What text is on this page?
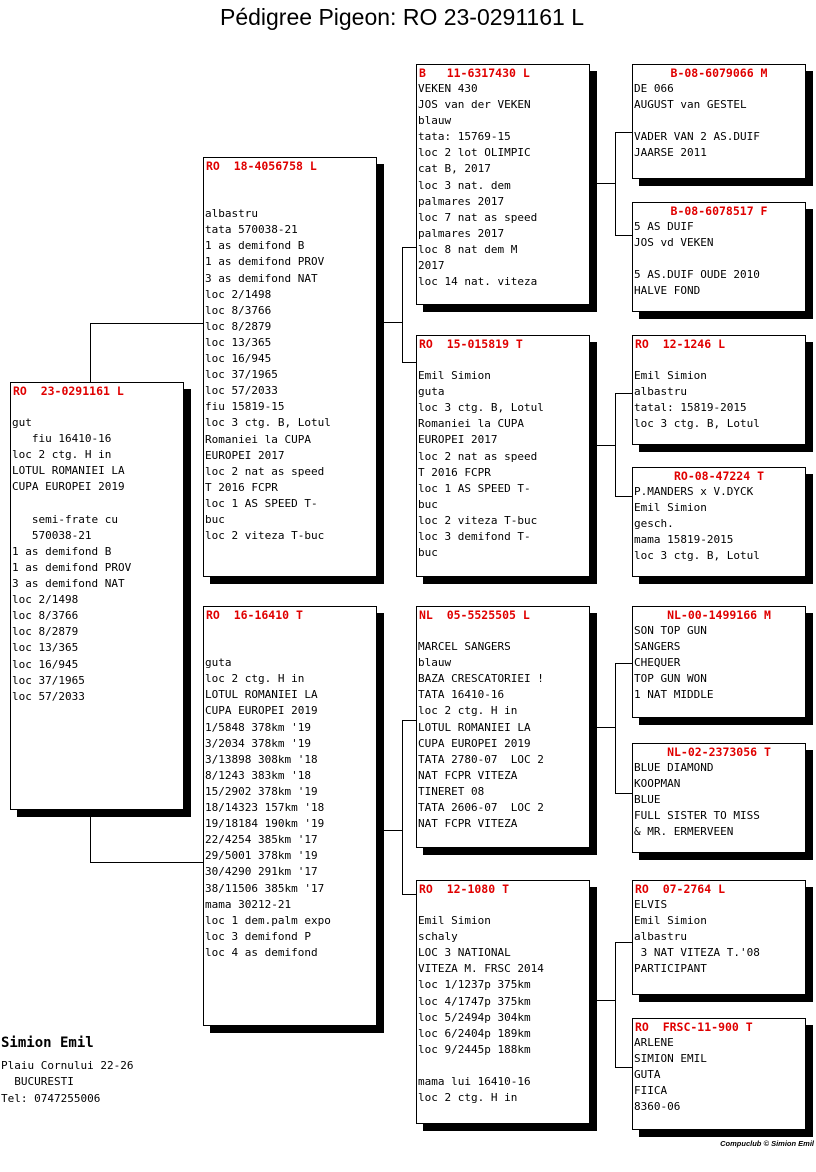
Pédigree Pigeon: RO 23-0291161 L
RO  23-0291161 L

gut
fiu 16410-16
loc 2 ctg. H in
LOTUL ROMANIEI LA
CUPA EUROPEI 2019

semi-frate cu
570038-21
1 as demifond B
1 as demifond PROV
3 as demifond NAT
loc 2/1498
loc 8/3766
loc 8/2879
loc 13/365
loc 16/945
loc 37/1965
loc 57/2033
RO  18-4056758 L

albastru
tata 570038-21
1 as demifond B
1 as demifond PROV
3 as demifond NAT
loc 2/1498
loc 8/3766
loc 8/2879
loc 13/365
loc 16/945
loc 37/1965
loc 57/2033
fiu 15819-15
loc 3 ctg. B, Lotul
Romaniei la CUPA
EUROPEI 2017
loc 2 nat as speed
T 2016 FCPR
loc 1 AS SPEED T-
buc
loc 2 viteza T-buc
RO  16-16410 T

guta
loc 2 ctg. H in
LOTUL ROMANIEI LA
CUPA EUROPEI 2019
1/5848 378km '19
3/2034 378km '19
3/13898 308km '18
8/1243 383km '18
15/2902 378km '19
18/14323 157km '18
19/18184 190km '19
22/4254 385km '17
29/5001 378km '19
30/4290 291km '17
38/11506 385km '17
mama 30212-21
loc 1 dem.palm expo
loc 3 demifond P
loc 4 as demifond
B   11-6317430 L
VEKEN 430
JOS van der VEKEN
blauw
tata: 15769-15
loc 2 lot OLIMPIC
cat B, 2017
loc 3 nat. dem
palmares 2017
loc 7 nat as speed
palmares 2017
loc 8 nat dem M
2017
loc 14 nat. viteza
RO  15-015819 T

Emil Simion
guta
loc 3 ctg. B, Lotul
Romaniei la CUPA
EUROPEI 2017
loc 2 nat as speed
T 2016 FCPR
loc 1 AS SPEED T-
buc
loc 2 viteza T-buc
loc 3 demifond T-
buc
NL  05-5525505 L

MARCEL SANGERS
blauw
BAZA CRESCATORIEI !
TATA 16410-16
loc 2 ctg. H in
LOTUL ROMANIEI LA
CUPA EUROPEI 2019
TATA 2780-07  LOC 2
NAT FCPR VITEZA
TINERET 08
TATA 2606-07  LOC 2
NAT FCPR VITEZA
RO  12-1080 T

Emil Simion
schaly
LOC 3 NATIONAL
VITEZA M. FRSC 2014
loc 1/1237p 375km
loc 4/1747p 375km
loc 5/2494p 304km
loc 6/2404p 189km
loc 9/2445p 188km

mama lui 16410-16
loc 2 ctg. H in
B-08-6079066 M
DE 066
AUGUST van GESTEL

VADER VAN 2 AS.DUIF
JAARSE 2011
B-08-6078517 F
5 AS DUIF
JOS vd VEKEN

5 AS.DUIF OUDE 2010
HALVE FOND
RO  12-1246 L

Emil Simion
albastru
tatal: 15819-2015
loc 3 ctg. B, Lotul
RO-08-47224 T
P.MANDERS x V.DYCK
Emil Simion
gesch.
mama 15819-2015
loc 3 ctg. B, Lotul
NL-00-1499166 M
SON TOP GUN
SANGERS
CHEQUER
TOP GUN WON
1 NAT MIDDLE
NL-02-2373056 T
BLUE DIAMOND
KOOPMAN
BLUE
FULL SISTER TO MISS
& MR. ERMERVEEN
RO  07-2764 L
ELVIS
Emil Simion
albastru
3 NAT VITEZA T.'08
PARTICIPANT
RO  FRSC-11-900 T
ARLENE
SIMION EMIL
GUTA
FIICA
8360-06
Simion Emil
Plaiu Cornului 22-26
BUCURESTI
Tel: 0747255006
Compuclub © Simion Emil
